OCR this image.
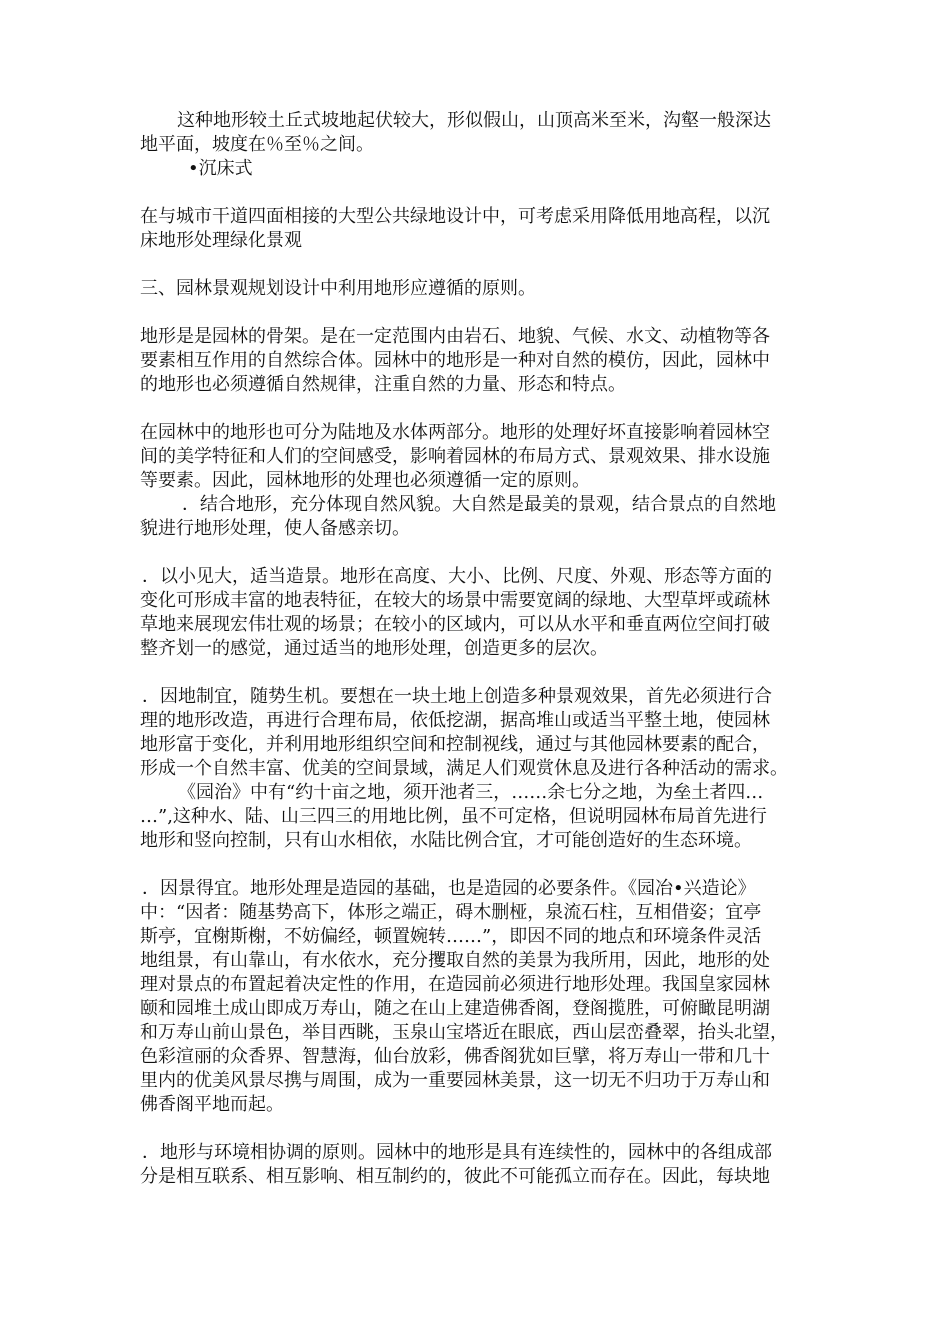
这种地形较土丘式坡地起伏较大，形似假山，山顶高米至米，沟壑一般深达
地平面，坡度在％至％之间。
•沉床式
在与城市干道四面相接的大型公共绿地设计中，可考虑采用降低用地高程，以沉
床地形处理绿化景观
三、园林景观规划设计中利用地形应遵循的原则。
地形是是园林的骨架。是在一定范围内由岩石、地貌、气候、水文、动植物等各
要素相互作用的自然综合体。园林中的地形是一种对自然的模仿，因此，园林中
的地形也必须遵循自然规律，注重自然的力量、形态和特点。
在园林中的地形也可分为陆地及水体两部分。地形的处理好坏直接影响着园林空
间的美学特征和人们的空间感受，影响着园林的布局方式、景观效果、排水设施
等要素。因此，园林地形的处理也必须遵循一定的原则。
．结合地形，充分体现自然风貌。大自然是最美的景观，结合景点的自然地
貌进行地形处理，使人备感亲切。
．以小见大，适当造景。地形在高度、大小、比例、尺度、外观、形态等方面的
变化可形成丰富的地表特征，在较大的场景中需要宽阔的绿地、大型草坪或疏林
草地来展现宏伟壮观的场景；在较小的区域内，可以从水平和垂直两位空间打破
整齐划一的感觉，通过适当的地形处理，创造更多的层次。
．因地制宜，随势生机。要想在一块土地上创造多种景观效果，首先必须进行合
理的地形改造，再进行合理布局，依低挖湖，据高堆山或适当平整土地，使园林
地形富于变化，并利用地形组织空间和控制视线，通过与其他园林要素的配合，
形成一个自然丰富、优美的空间景域，满足人们观赏休息及进行各种活动的需求。
《园治》中有“约十亩之地，须开池者三，……余七分之地，为垒土者四…
…”,这种水、陆、山三四三的用地比例，虽不可定格，但说明园林布局首先进行
地形和竖向控制，只有山水相依，水陆比例合宜，才可能创造好的生态环境。
．因景得宜。地形处理是造园的基础，也是造园的必要条件。《园冶•兴造论》
中：“因者：随基势高下，体形之端正，碍木删桠，泉流石柱，互相借姿；宜亭
斯亭，宜榭斯榭，不妨偏经，顿置婉转……”，即因不同的地点和环境条件灵活
地组景，有山靠山，有水依水，充分攫取自然的美景为我所用，因此，地形的处
理对景点的布置起着决定性的作用，在造园前必须进行地形处理。我国皇家园林
颐和园堆土成山即成万寿山，随之在山上建造佛香阁，登阁揽胜，可俯瞰昆明湖
和万寿山前山景色，举目西眺，玉泉山宝塔近在眼底，西山层峦叠翠，抬头北望，
色彩渲丽的众香界、智慧海，仙台放彩，佛香阁犹如巨擘，将万寿山一带和几十
里内的优美风景尽携与周围，成为一重要园林美景，这一切无不归功于万寿山和
佛香阁平地而起。
．地形与环境相协调的原则。园林中的地形是具有连续性的，园林中的各组成部
分是相互联系、相互影响、相互制约的，彼此不可能孤立而存在。因此，每块地
